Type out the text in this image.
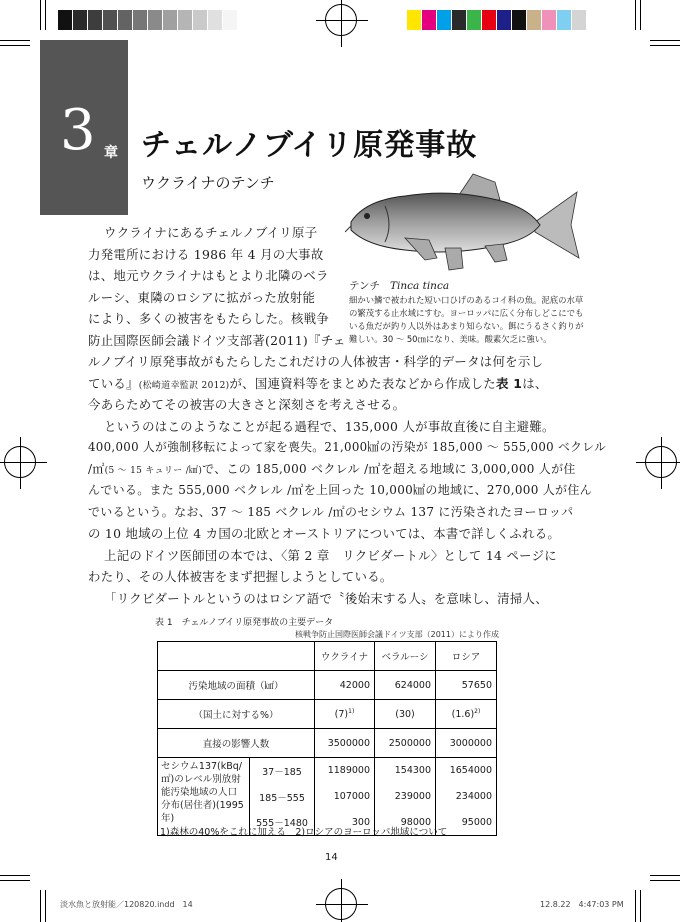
3 章 チェルノブイリ原発事故
ウクライナのテンチ
テンチ Tinca tinca
細かい鱗で被われた短い口ひげのあるコイ科の魚。泥底の水草の繁茂する止水域にすむ。ヨーロッパに広く分布しどこにでもいる魚だが釣り人以外はあまり知らない。餌にうるさく釣りが難しい。30 ～ 50㎝になり、美味。酸素欠乏に強い。
ウクライナにあるチェルノブイリ原子
力発電所における 1986 年 4 月の大事故
は、地元ウクライナはもとより北隣のベラ
ルーシ、東隣のロシアに拡がった放射能
により、多くの被害をもたらした。核戦争
防止国際医師会議ドイツ支部著(2011)『チェ
ルノブイリ原発事故がもたらしたこれだけの人体被害・科学的データは何を示し
ている』(松崎道幸監訳 2012)が、国連資料等をまとめた表などから作成した表 1は、
今あらためてその被害の大きさと深刻さを考えさせる。
というのはこのようなことが起る過程で、135,000 人が事故直後に自主避難。
400,000 人が強制移転によって家を喪失。21,000㎢の汚染が 185,000 ～ 555,000 ベクレル
/㎡(5 ～ 15 キュリー /㎢)で、この 185,000 ベクレル /㎡を超える地域に 3,000,000 人が住
んでいる。また 555,000 ベクレル /㎡を上回った 10,000㎢の地域に、270,000 人が住ん
でいるという。なお、37 ～ 185 ベクレル /㎡のセシウム 137 に汚染されたヨーロッパ
の 10 地域の上位 4 カ国の北欧とオーストリアについては、本書で詳しくふれる。
上記のドイツ医師団の本では、〈第 2 章　リクビダートル〉として 14 ページに
わたり、その人体被害をまず把握しようとしている。
「リクビダートルというのはロシア語で〝後始末する人〟を意味し、清掃人、
表 1　チェルノブイリ原発事故の主要データ
核戦争防止国際医師会議ドイツ支部（2011）により作成
		ウクライナ	ベラルーシ	ロシア
汚染地域の面積（㎢）		42000	624000	57650
（国土に対する%）		$(7)^{1)}$	(30)	$(1.6)^{2)}$
直接の影響人数		3500000	2500000	3000000
セシウム137(kBq/㎡)のレベル別放射能汚染地域の人口分布(居住者)(1995年)	37－185	1189000	154300	1654000
	185－555	107000	239000	234000
	555－1480	300	98000	95000
1)森林の40%をこれに加える　2)ロシアのヨーロッパ地域について
14
淡水魚と放射能／120820.indd　14	12.8.22　4:47:03 PM
